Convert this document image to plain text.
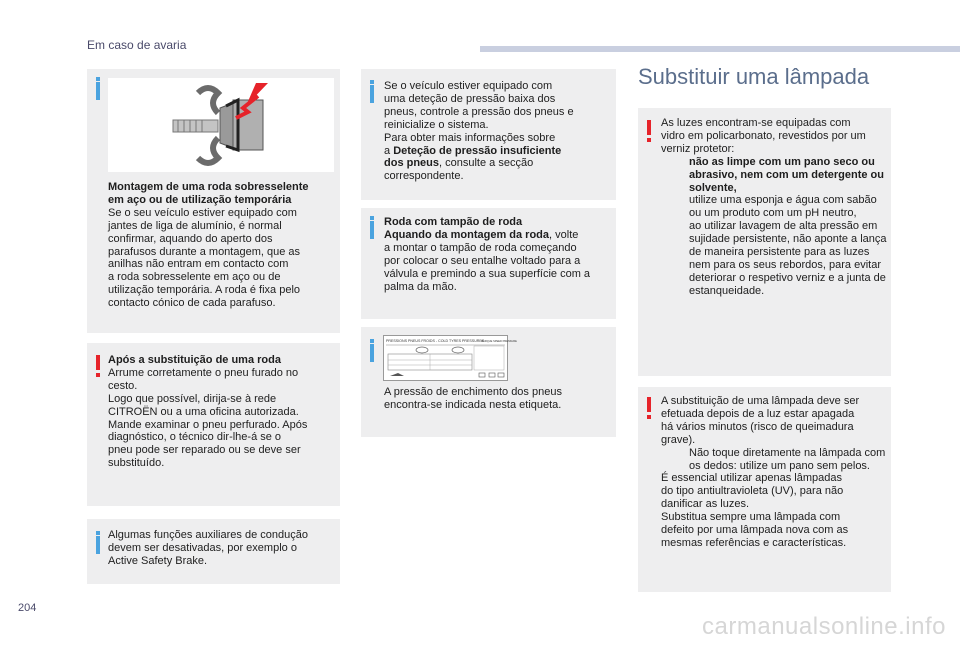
Em caso de avaria
Montagem de uma roda sobresselente
em aço ou de utilização temporária
Se o seu veículo estiver equipado com
jantes de liga de alumínio, é normal
confirmar, aquando do aperto dos
parafusos durante a montagem, que as
anilhas não entram em contacto com
a roda sobresselente em aço ou de
utilização temporária. A roda é fixa pelo
contacto cónico de cada parafuso.
Após a substituição de uma roda
Arrume corretamente o pneu furado no
cesto.
Logo que possível, dirija-se à rede
CITROËN ou a uma oficina autorizada.
Mande examinar o pneu perfurado. Após
diagnóstico, o técnico dir-lhe-á se o
pneu pode ser reparado ou se deve ser
substituído.
Algumas funções auxiliares de condução
devem ser desativadas, por exemplo o
Active Safety Brake.
Se o veículo estiver equipado com
uma deteção de pressão baixa dos
pneus, controle a pressão dos pneus e
reinicialize o sistema.
Para obter mais informações sobre
a Deteção de pressão insuficiente
dos pneus, consulte a secção
correspondente.
Roda com tampão de roda
Aquando da montagem da roda, volte
a montar o tampão de roda começando
por colocar o seu entalhe voltado para a
válvula e premindo a sua superfície com a
palma da mão.
PRESSIONS PNEUS FROIDS - COLD TYRES PRESSURES
MARQUE SPEED PRESSURE
A pressão de enchimento dos pneus
encontra-se indicada nesta etiqueta.
Substituir uma lâmpada
As luzes encontram-se equipadas com
vidro em policarbonato, revestidos por um
verniz protetor:
não as limpe com um pano seco ou abrasivo, nem com um detergente ou solvente,
utilize uma esponja e água com sabão ou um produto com um pH neutro,
ao utilizar lavagem de alta pressão em sujidade persistente, não aponte a lança de maneira persistente para as luzes nem para os seus rebordos, para evitar deteriorar o respetivo verniz e a junta de estanqueidade.
A substituição de uma lâmpada deve ser
efetuada depois de a luz estar apagada
há vários minutos (risco de queimadura
grave).
Não toque diretamente na lâmpada com os dedos: utilize um pano sem pelos.
É essencial utilizar apenas lâmpadas
do tipo antiultravioleta (UV), para não
danificar as luzes.
Substitua sempre uma lâmpada com
defeito por uma lâmpada nova com as
mesmas referências e características.
204
carmanualsonline.info
